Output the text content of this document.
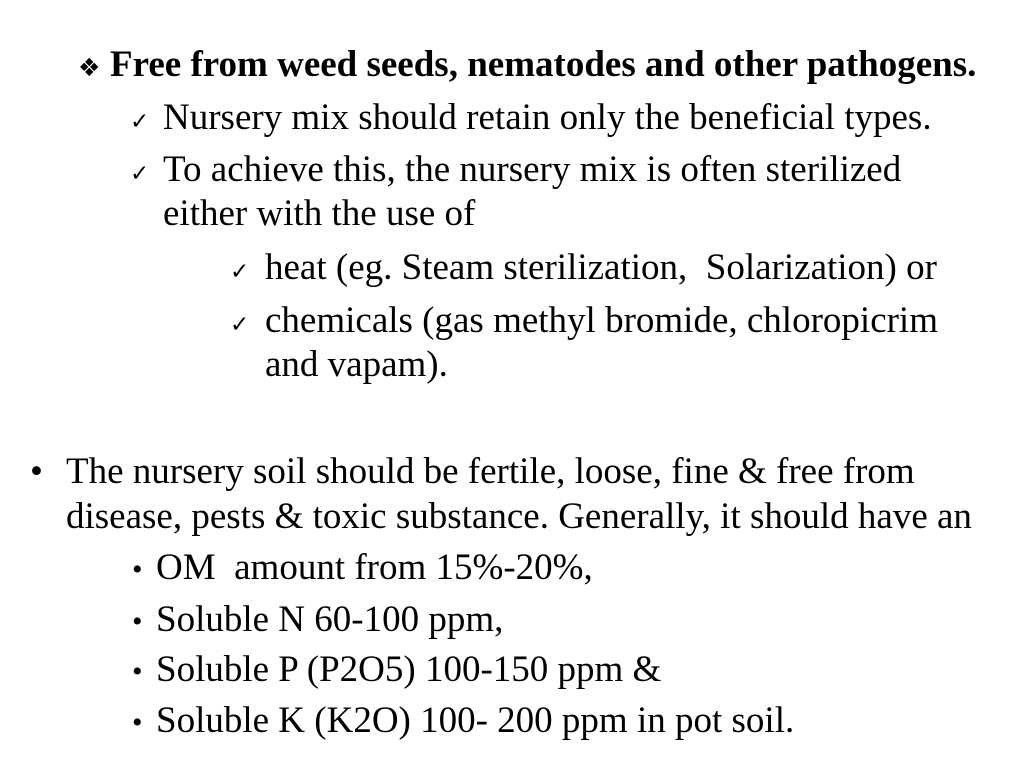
❖
Free from weed seeds, nematodes and other pathogens.
✓
Nursery mix should retain only the beneficial types.
✓
To achieve this, the nursery mix is often sterilized
either with the use of
✓
heat (eg. Steam sterilization,  Solarization) or
✓
chemicals (gas methyl bromide, chloropicrim
and vapam).
•
The nursery soil should be fertile, loose, fine & free from
disease, pests & toxic substance. Generally, it should have an
•
OM  amount from 15%-20%,
•
Soluble N 60-100 ppm,
•
Soluble P (P2O5) 100-150 ppm &
•
Soluble K (K2O) 100- 200 ppm in pot soil.
